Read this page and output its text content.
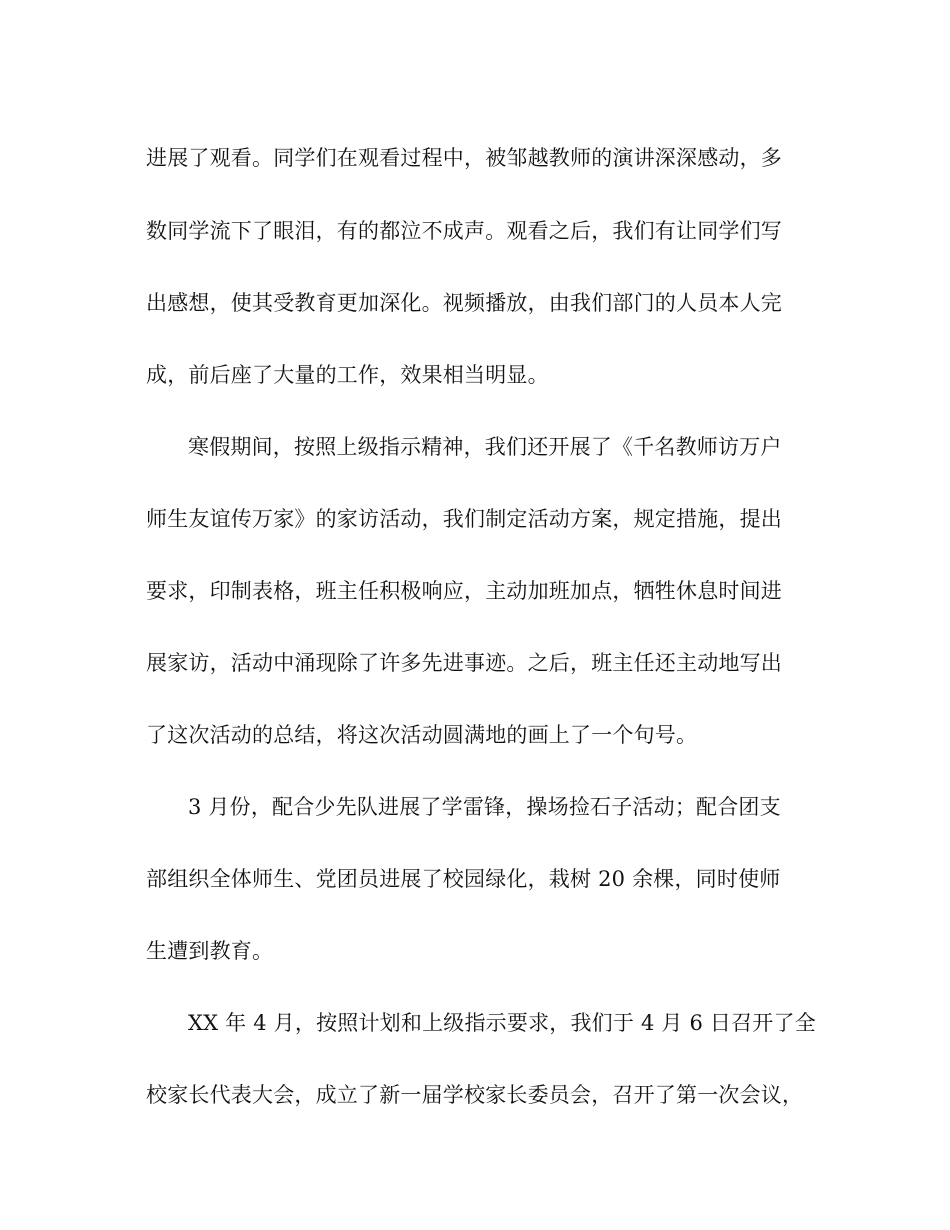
进展了观看。同学们在观看过程中，被邹越教师的演讲深深感动，多
数同学流下了眼泪，有的都泣不成声。观看之后，我们有让同学们写
出感想，使其受教育更加深化。视频播放，由我们部门的人员本人完
成，前后座了大量的工作，效果相当明显。
寒假期间，按照上级指示精神，我们还开展了《千名教师访万户
师生友谊传万家》的家访活动，我们制定活动方案，规定措施，提出
要求，印制表格，班主任积极响应，主动加班加点，牺牲休息时间进
展家访，活动中涌现除了许多先进事迹。之后，班主任还主动地写出
了这次活动的总结，将这次活动圆满地的画上了一个句号。
3 月份，配合少先队进展了学雷锋，操场捡石子活动；配合团支
部组织全体师生、党团员进展了校园绿化，栽树 20 余棵，同时使师
生遭到教育。
XX 年 4 月，按照计划和上级指示要求，我们于 4 月 6 日召开了全
校家长代表大会，成立了新一届学校家长委员会，召开了第一次会议，
